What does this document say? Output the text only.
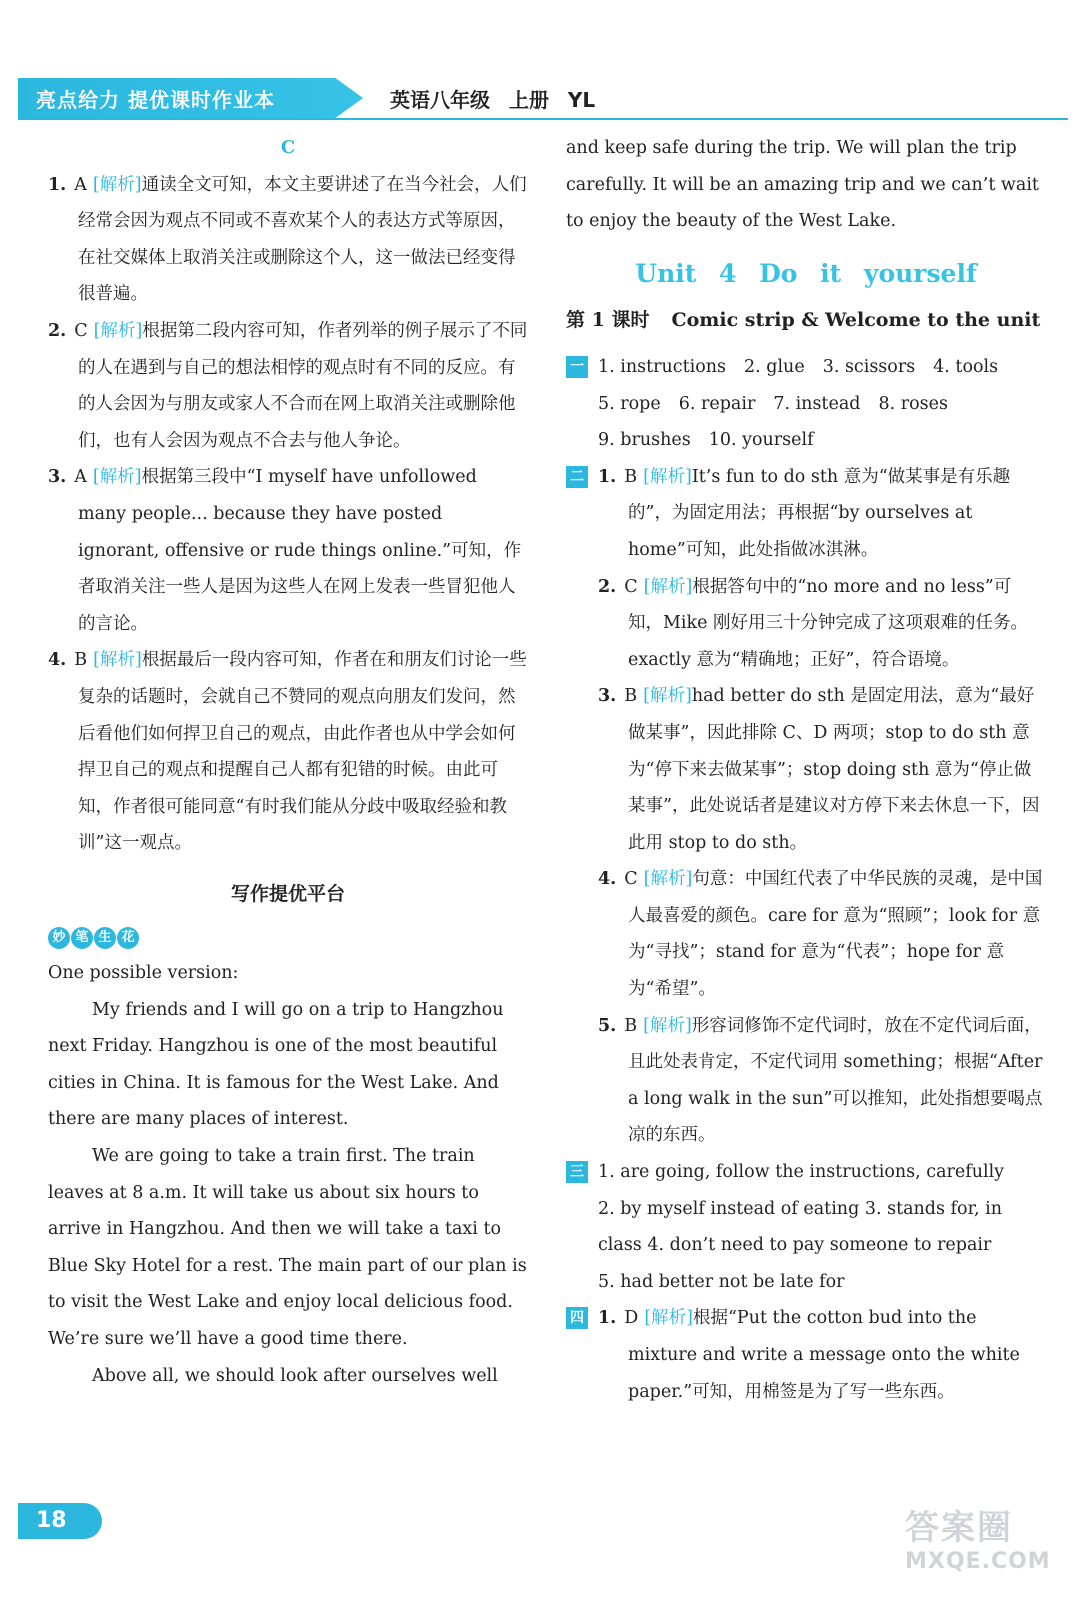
亮点给力 提优课时作业本	英语八年级 上册 YL
C

1. A [解析]通读全文可知，本文主要讲述了在当今社会，人们经常会因为观点不同或不喜欢某个人的表达方式等原因，在社交媒体上取消关注或删除这个人，这一做法已经变得很普遍。

2. C [解析]根据第二段内容可知，作者列举的例子展示了不同的人在遇到与自己的想法相悖的观点时有不同的反应。有的人会因为与朋友或家人不合而在网上取消关注或删除他们，也有人会因为观点不合去与他人争论。

3. A [解析]根据第三段中“I myself have unfollowed many people... because they have posted ignorant, offensive or rude things online.”可知，作者取消关注一些人是因为这些人在网上发表一些冒犯他人的言论。

4. B [解析]根据最后一段内容可知，作者在和朋友们讨论一些复杂的话题时，会就自己不赞同的观点向朋友们发问，然后看他们如何捍卫自己的观点，由此作者也从中学会如何捍卫自己的观点和提醒自己人都有犯错的时候。由此可知，作者很可能同意“有时我们能从分歧中吸取经验和教训”这一观点。

写作提优平台
妙 笔 生 花

One possible version:

My friends and I will go on a trip to Hangzhou next Friday. Hangzhou is one of the most beautiful cities in China. It is famous for the West Lake. And there are many places of interest.

We are going to take a train first. The train leaves at 8 a.m. It will take us about six hours to arrive in Hangzhou. And then we will take a taxi to Blue Sky Hotel for a rest. The main part of our plan is to visit the West Lake and enjoy local delicious food. We’re sure we’ll have a good time there.

Above all, we should look after ourselves well

and keep safe during the trip. We will plan the trip carefully. It will be an amazing trip and we can’t wait to enjoy the beauty of the West Lake.

Unit 4 Do it yourself
第 1 课时 Comic strip & Welcome to the unit
一 1. instructions 2. glue 3. scissors 4. tools
5. rope 6. repair 7. instead 8. roses
9. brushes 10. yourself
二 1. B [解析]It’s fun to do sth 意为“做某事是有乐趣的”，为固定用法；再根据“by ourselves at home”可知，此处指做冰淇淋。

2. C [解析]根据答句中的“no more and no less”可知，Mike 刚好用三十分钟完成了这项艰难的任务。exactly 意为“精确地；正好”，符合语境。

3. B [解析]had better do sth 是固定用法，意为“最好做某事”，因此排除 C、D 两项；stop to do sth 意为“停下来去做某事”；stop doing sth 意为“停止做某事”，此处说话者是建议对方停下来去休息一下，因此用 stop to do sth。

4. C [解析]句意：中国红代表了中华民族的灵魂，是中国人最喜爱的颜色。care for 意为“照顾”；look for 意为“寻找”；stand for 意为“代表”；hope for 意为“希望”。

5. B [解析]形容词修饰不定代词时，放在不定代词后面，且此处表肯定，不定代词用 something；根据“After a long walk in the sun”可以推知，此处指想要喝点凉的东西。

三 1. are going, follow the instructions, carefully

2. by myself instead of eating 3. stands for, in class 4. don’t need to pay someone to repair

5. had better not be late for

四 1. D [解析]根据“Put the cotton bud into the mixture and write a message onto the white paper.”可知，用棉签是为了写一些东西。

18	答案圈
MXQE.COM
